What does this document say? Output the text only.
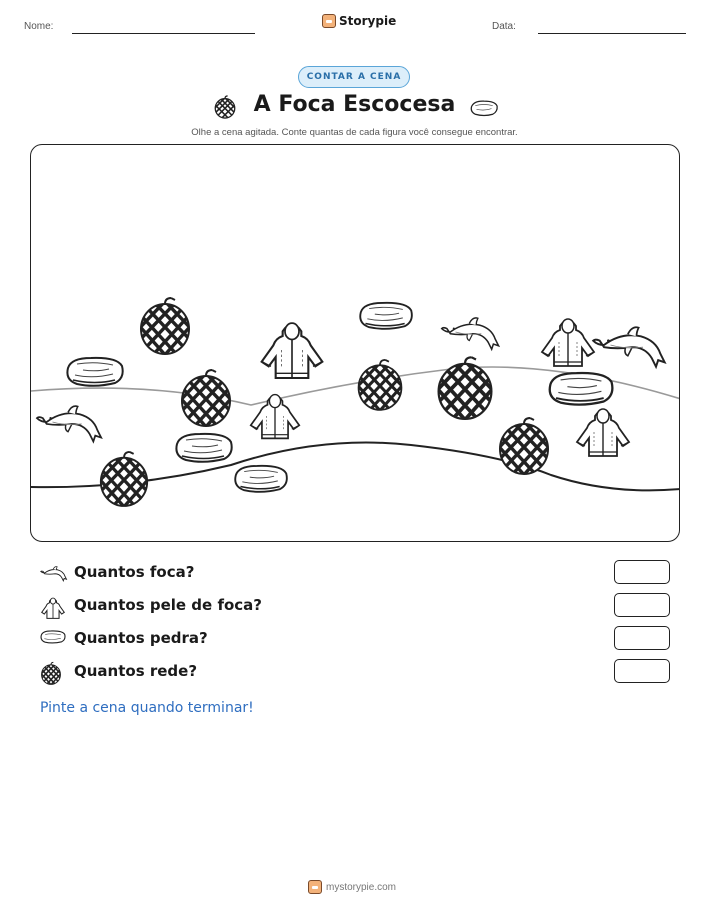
Nome:	Storypie	Data:
CONTAR A CENA
A Foca Escocesa
Olhe a cena agitada. Conte quantas de cada figura você consegue encontrar.
Quantos foca?
Quantos pele de foca?
Quantos pedra?
Quantos rede?
Pinte a cena quando terminar!
mystorypie.com
